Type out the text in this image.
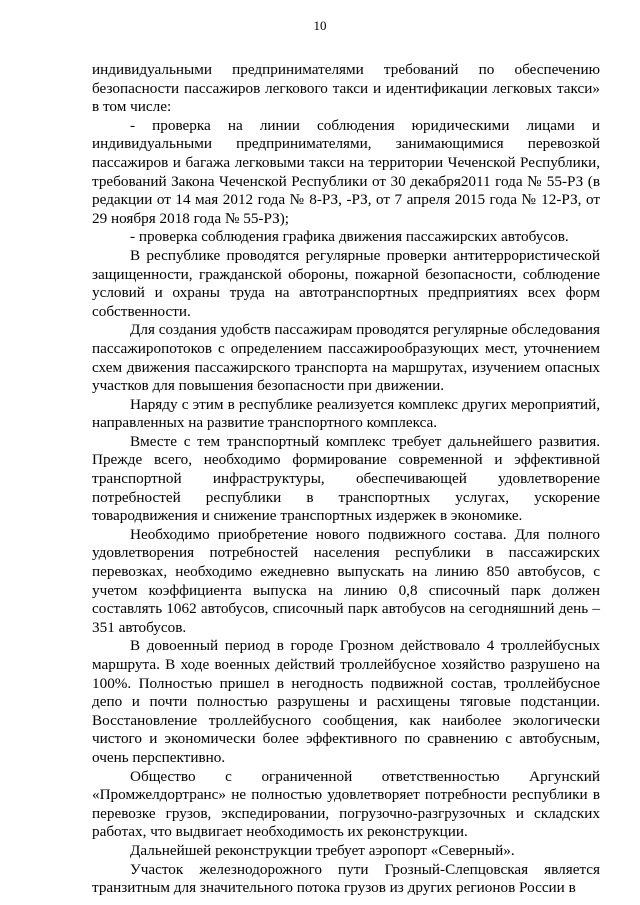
10

индивидуальными предпринимателями требований по обеспечению безопасности пассажиров легкового такси и идентификации легковых такси» в том числе:

- проверка на линии соблюдения юридическими лицами и индивидуальными предпринимателями, занимающимися перевозкой пассажиров и багажа легковыми такси на территории Чеченской Республики, требований Закона Чеченской Республики от 30 декабря2011 года № 55-РЗ (в редакции от 14 мая 2012 года № 8-РЗ, -РЗ, от 7 апреля 2015 года № 12-РЗ, от 29 ноября 2018 года № 55-РЗ);

- проверка соблюдения графика движения пассажирских автобусов.

В республике проводятся регулярные проверки антитеррористической защищенности, гражданской обороны, пожарной безопасности, соблюдение условий и охраны труда на автотранспортных предприятиях всех форм собственности.

Для создания удобств пассажирам проводятся регулярные обследования пассажиропотоков с определением пассажирообразующих мест, уточнением схем движения пассажирского транспорта на маршрутах, изучением опасных участков для повышения безопасности при движении.

Наряду с этим в республике реализуется комплекс других мероприятий, направленных на развитие транспортного комплекса.

Вместе с тем транспортный комплекс требует дальнейшего развития. Прежде всего, необходимо формирование современной и эффективной транспортной инфраструктуры, обеспечивающей удовлетворение потребностей республики в транспортных услугах, ускорение товародвижения и снижение транспортных издержек в экономике.

Необходимо приобретение нового подвижного состава. Для полного удовлетворения потребностей населения республики в пассажирских перевозках, необходимо ежедневно выпускать на линию 850 автобусов, с учетом коэффициента выпуска на линию 0,8 списочный парк должен составлять 1062 автобусов, списочный парк автобусов на сегодняшний день – 351 автобусов.

В довоенный период в городе Грозном действовало 4 троллейбусных маршрута. В ходе военных действий троллейбусное хозяйство разрушено на 100%. Полностью пришел в негодность подвижной состав, троллейбусное депо и почти полностью разрушены и расхищены тяговые подстанции. Восстановление троллейбусного сообщения, как наиболее экологически чистого и экономически более эффективного по сравнению с автобусным, очень перспективно.

Общество с ограниченной ответственностью Аргунский «Промжелдортранс» не полностью удовлетворяет потребности республики в перевозке грузов, экспедировании, погрузочно-разгрузочных и складских работах, что выдвигает необходимость их реконструкции.

Дальнейшей реконструкции требует аэропорт «Северный».

Участок железнодорожного пути Грозный-Слепцовская является транзитным для значительного потока грузов из других регионов России в
